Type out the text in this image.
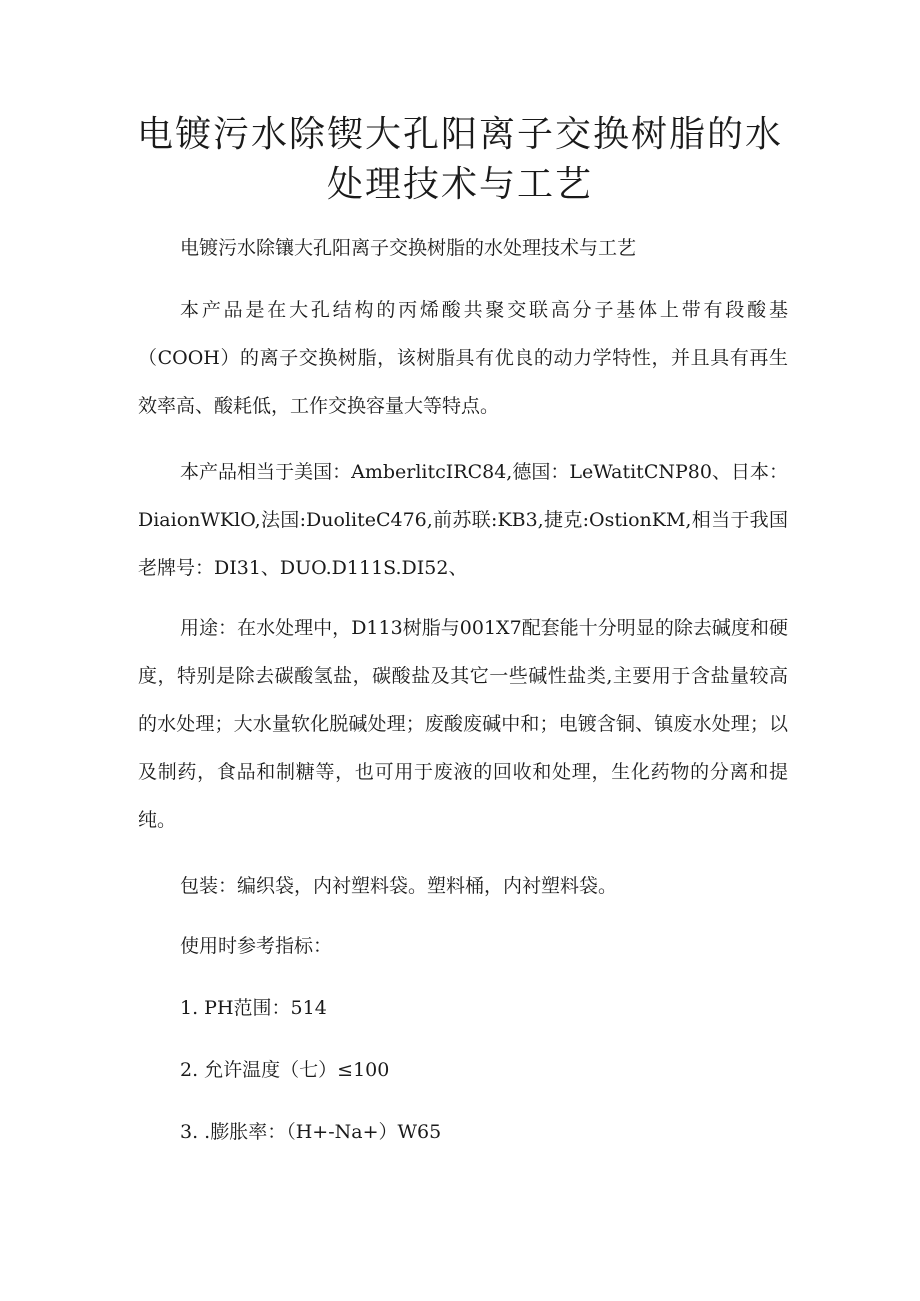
电镀污水除锲大孔阳离子交换树脂的水处理技术与工艺

电镀污水除镶大孔阳离子交换树脂的水处理技术与工艺

本产品是在大孔结构的丙烯酸共聚交联高分子基体上带有段酸基（COOH）的离子交换树脂，该树脂具有优良的动力学特性，并且具有再生效率高、酸耗低，工作交换容量大等特点。

本产品相当于美国：AmberlitcIRC84,德国：LeWatitCNP80、日本：DiaionWKlO,法国:DuoliteC476,前苏联:KB3,捷克:OstionKM,相当于我国老牌号：DI31、DUO.D111S.DI52、

用途：在水处理中，D113树脂与001X7配套能十分明显的除去碱度和硬度，特别是除去碳酸氢盐，碳酸盐及其它一些碱性盐类,主要用于含盐量较高的水处理；大水量软化脱碱处理；废酸废碱中和；电镀含铜、镇废水处理；以及制药，食品和制糖等，也可用于废液的回收和处理，生化药物的分离和提纯。

包装：编织袋，内衬塑料袋。塑料桶，内衬塑料袋。

使用时参考指标：

1. PH范围：514

2. 允许温度（七）≤100

3. .膨胀率：（H+-Na+）W65
